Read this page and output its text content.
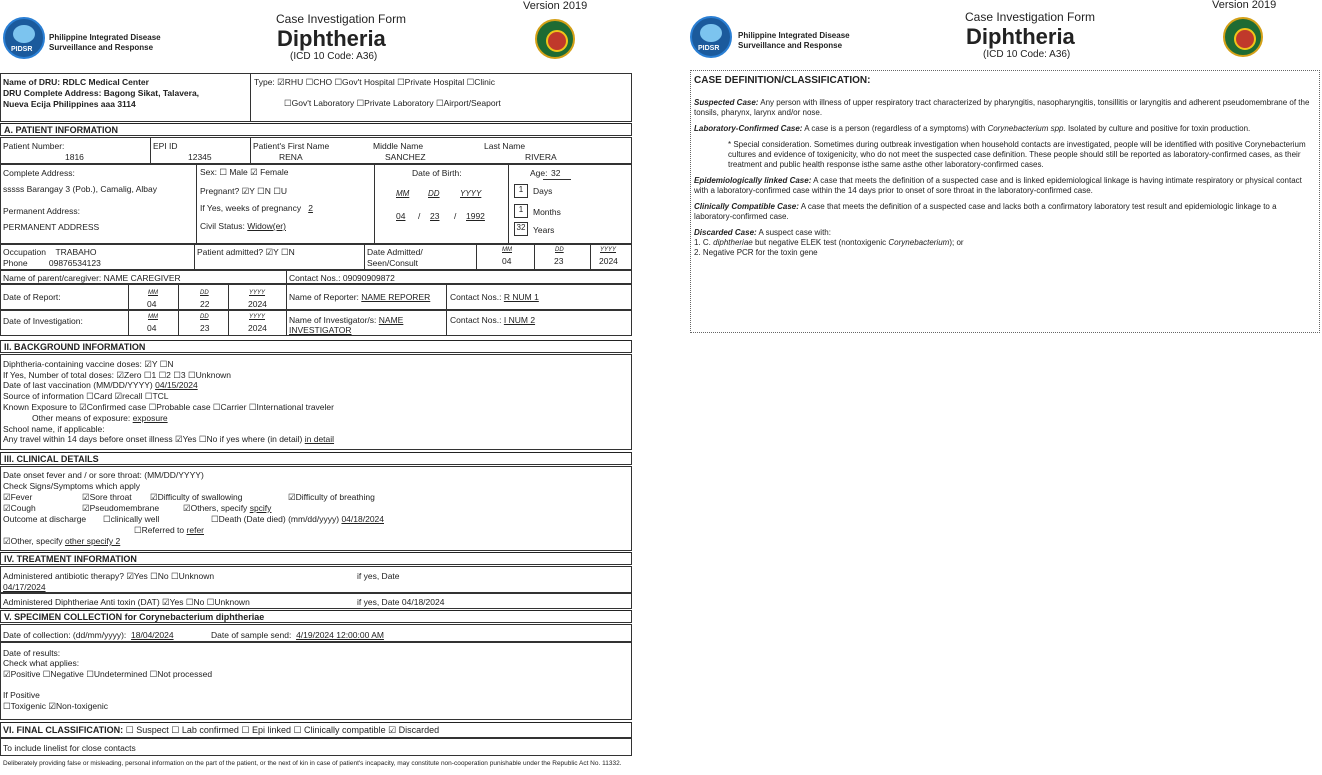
PIDSR
Philippine Integrated Disease
Surveillance and Response
Case Investigation Form
Diphtheria
(ICD 10 Code: A36)
Version 2019
Name of DRU: RDLC Medical Center
DRU Complete Address: Bagong Sikat, Talavera,
Nueva Ecija Philippines aaa 3114
Type: ☑RHU ☐CHO ☐Gov't Hospital ☐Private Hospital ☐Clinic
☐Gov't Laboratory ☐Private Laboratory ☐Airport/Seaport
A. PATIENT INFORMATION
Patient Number:
1816
EPI ID
12345
Patient's First Name
RENA
Middle Name
SANCHEZ
Last Name
RIVERA
Complete Address:
sssss Barangay 3 (Pob.), Camalig, Albay
Permanent Address:
PERMANENT ADDRESS
Sex: ☐ Male ☑ Female
Pregnant? ☑Y ☐N ☐U
If Yes, weeks of pregnancy 2
Civil Status: Widow(er)
Date of Birth:
MM DD	YYYY
04 / 23 / 1992
Age: 32
1	Days
1	Months
32 Years
Occupation TRABAHO
Phone	09876534123
Patient admitted? ☑Y ☐N	Date Admitted/
Seen/Consult
MM	DD	YYYY
04	23	2024
Name of parent/caregiver: NAME CAREGIVER	Contact Nos.: 09090909872
Date of Report:	MM	DD	YYYY
04	22	2024
Name of Reporter: NAME REPORER Contact Nos.: R NUM 1
Date of Investigation:	MM	DD	YYYY
04	23	2024
Name of Investigator/s: NAME
INVESTIGATOR
Contact Nos.: I NUM 2
II. BACKGROUND INFORMATION
Diphtheria-containing vaccine doses: ☑Y ☐N
If Yes, Number of total doses: ☑Zero ☐1 ☐2 ☐3 ☐Unknown
Date of last vaccination (MM/DD/YYYY) 04/15/2024
Source of information ☐Card ☑recall ☐TCL
Known Exposure to ☑Confirmed case ☐Probable case ☐Carrier ☐International traveler
Other means of exposure: exposure
School name, if applicable:
Any travel within 14 days before onset illness ☑Yes ☐No if yes where (in detail) in detail
III. CLINICAL DETAILS
Date onset fever and / or sore throat: (MM/DD/YYYY)
Check Signs/Symptoms which apply
☑Fever	☑Sore throat ☑Difficulty of swallowing	☑Difficulty of breathing
☑Cough	☑Pseudomembrane	☑Others, specify spcify
Outcome at discharge ☐clinically well	☐Death (Date died) (mm/dd/yyyy) 04/18/2024
☐Referred to refer
☑Other, specify other specify 2
IV. TREATMENT INFORMATION
Administered antibiotic therapy? ☑Yes ☐No ☐Unknown	if yes, Date
04/17/2024
Administered Diphtheriae Anti toxin (DAT) ☑Yes ☐No ☐Unknown	if yes, Date 04/18/2024
V. SPECIMEN COLLECTION for Corynebacterium diphtheriae
Date of collection: (dd/mm/yyyy): 18/04/2024	Date of sample send: 4/19/2024 12:00:00 AM
Date of results:
Check what applies:
☑Positive ☐Negative ☐Undetermined ☐Not processed
If Positive
☐Toxigenic ☑Non-toxigenic
VI. FINAL CLASSIFICATION: ☐ Suspect ☐ Lab confirmed ☐ Epi linked ☐ Clinically compatible ☑ Discarded
To include linelist for close contacts
Deliberately providing false or misleading, personal information on the part of the patient, or the next of kin in case of patient's incapacity, may constitute non-cooperation punishable under the Republic Act No. 11332.
PIDSR
Philippine Integrated Disease
Surveillance and Response
Case Investigation Form
Diphtheria
(ICD 10 Code: A36)
Version 2019
CASE DEFINITION/CLASSIFICATION:

Suspected Case: Any person with illness of upper respiratory tract characterized by pharyngitis, nasopharyngitis, tonsillitis or laryngitis and adherent pseudomembrane of the tonsils, pharynx, larynx and/or nose.

Laboratory-Confirmed Case: A case is a person (regardless of a symptoms) with Corynebacterium spp. Isolated by culture and positive for toxin production.

* Special consideration. Sometimes during outbreak investigation when household contacts are investigated, people will be identified with positive Corynebacterium cultures and evidence of toxigenicity, who do not meet the suspected case definition. These people should still be reported as laboratory-confirmed cases, as their treatment and public health response isthe same asthe other laboratory-confirmed cases.

Epidemiologically linked Case: A case that meets the definition of a suspected case and is linked epidemiological linkage is having intimate respiratory or physical contact with a laboratory-confirmed case within the 14 days prior to onset of sore throat in the laboratory-confirmed case.

Clinically Compatible Case: A case that meets the definition of a suspected case and lacks both a confirmatory laboratory test result and epidemiologic linkage to a laboratory-confirmed case.

Discarded Case: A suspect case with:
1. C. diphtheriae but negative ELEK test (nontoxigenic Corynebacterium); or
2. Negative PCR for the toxin gene
